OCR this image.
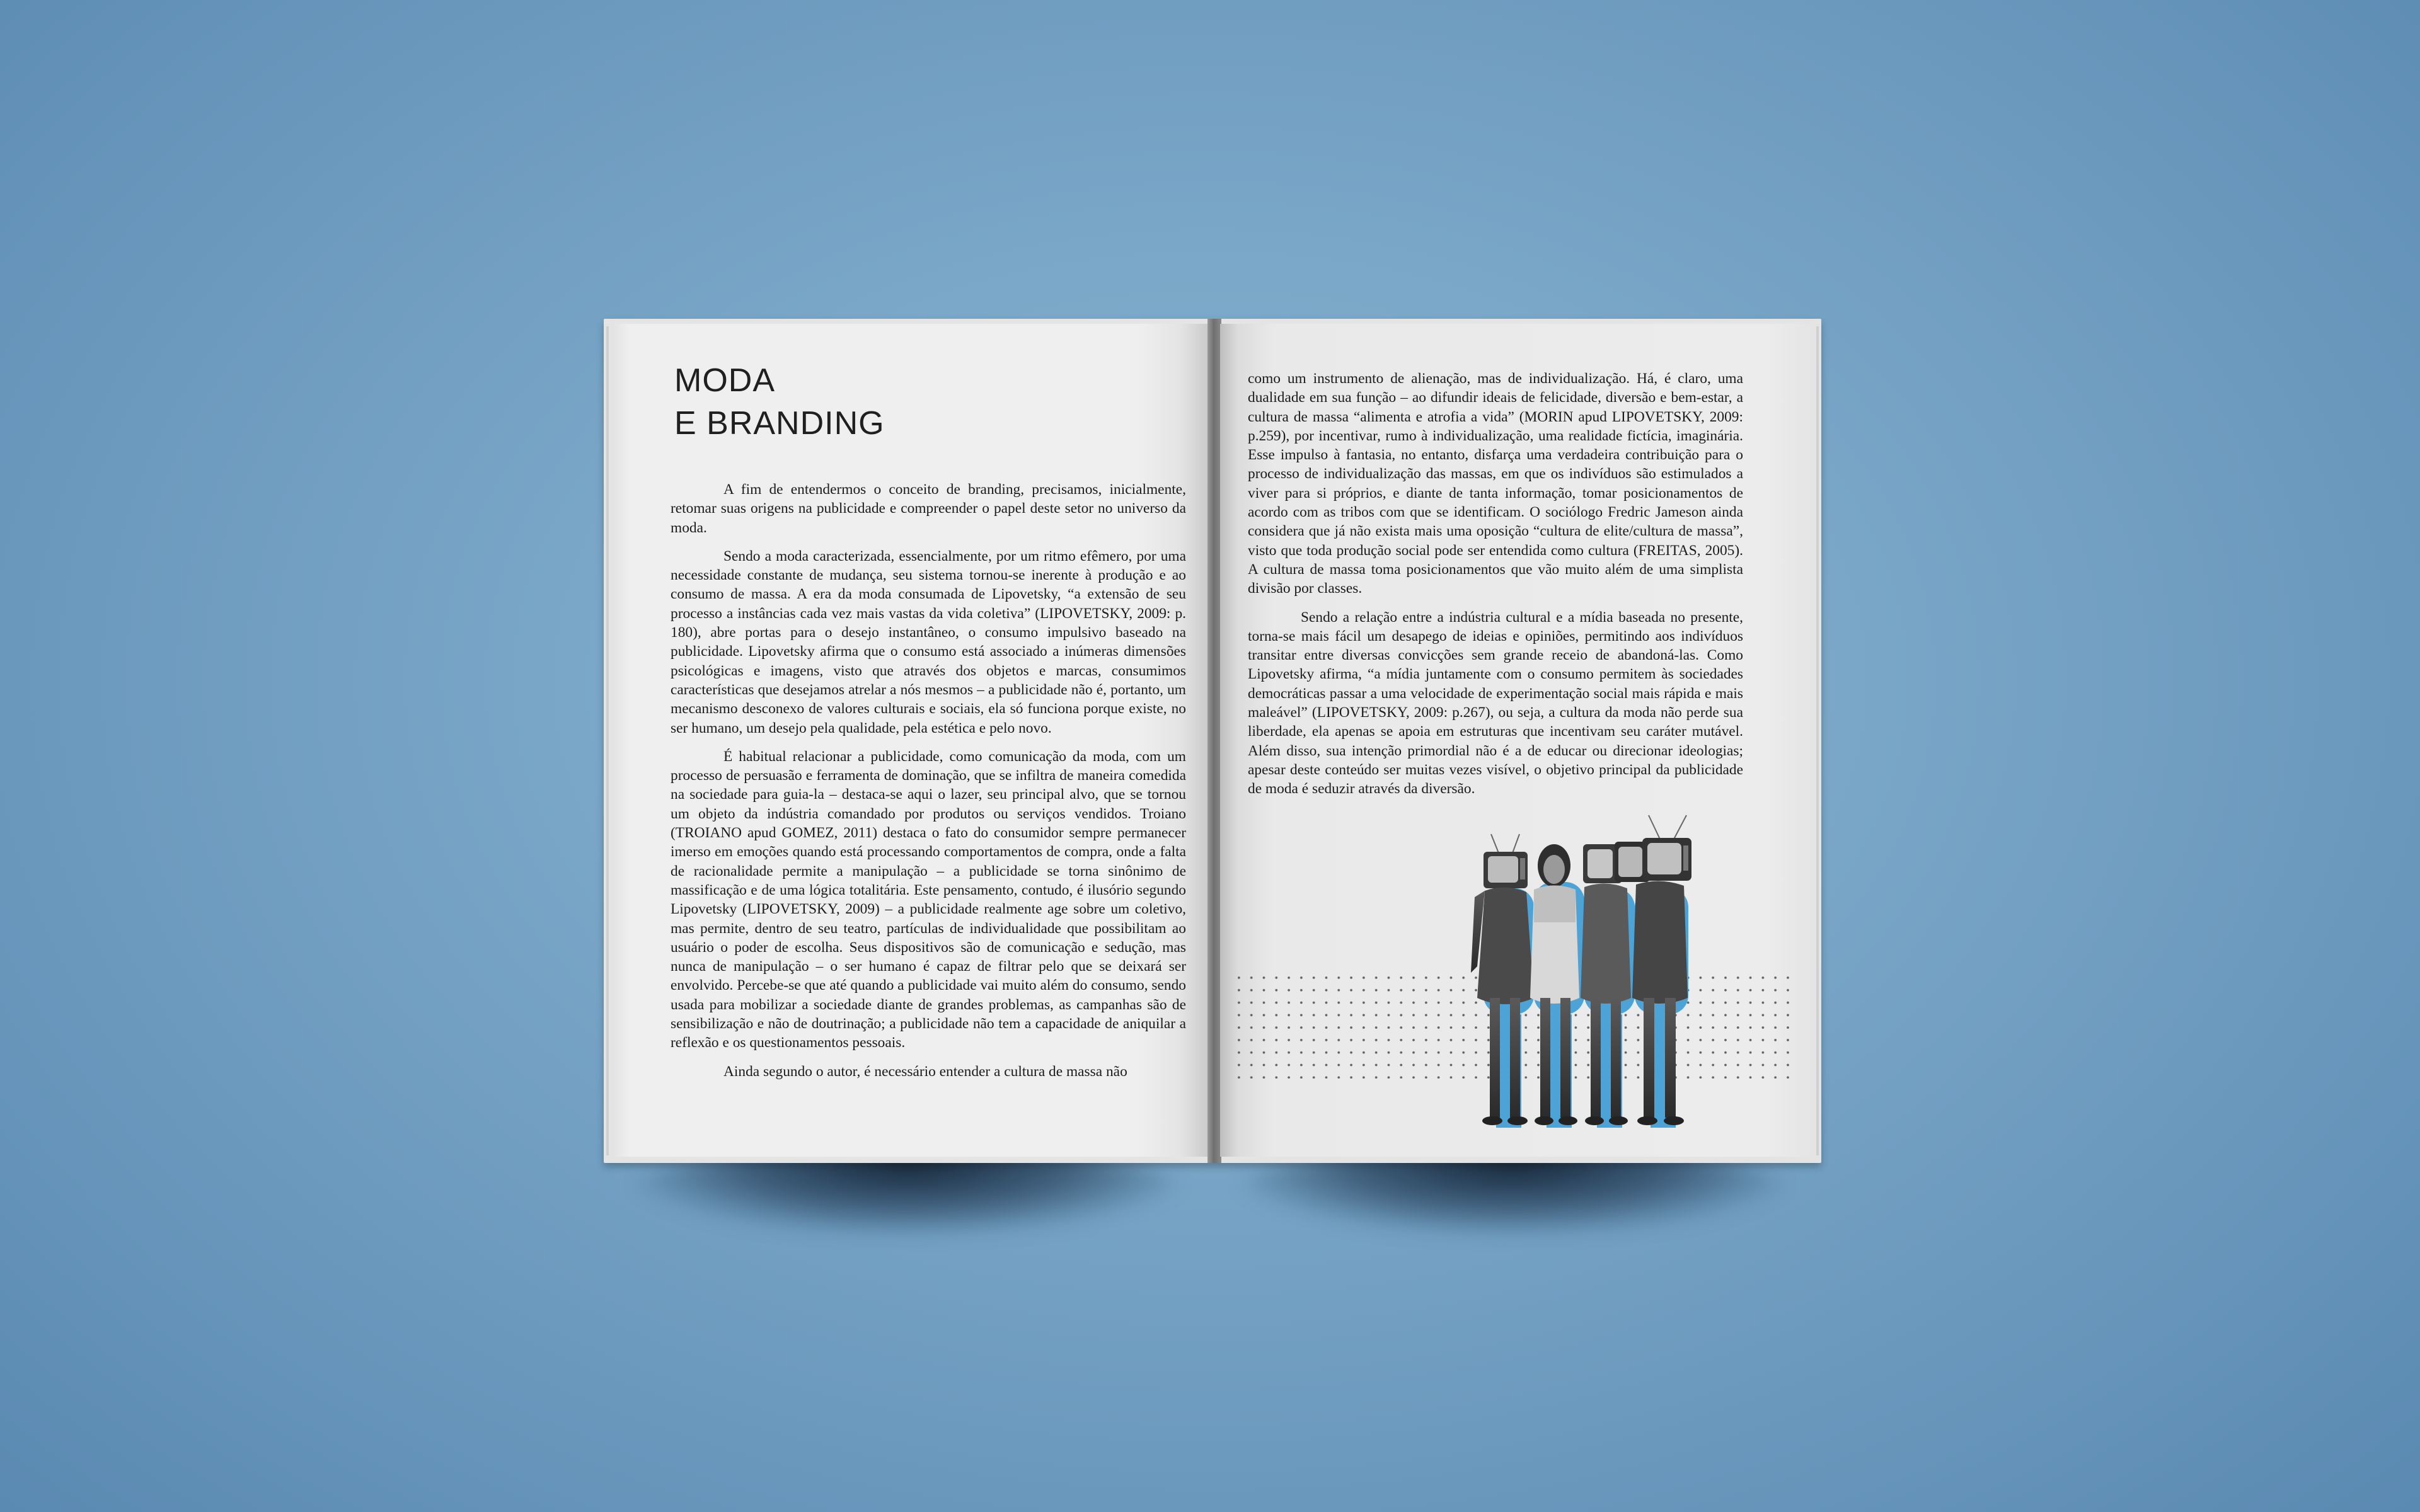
MODA
E BRANDING

A fim de entendermos o conceito de branding, precisamos, inicialmente, retomar suas origens na publicidade e compreender o papel deste setor no universo da moda.

Sendo a moda caracterizada, essencialmente, por um ritmo efêmero, por uma necessidade constante de mudança, seu sistema tornou-se inerente à produção e ao consumo de massa. A era da moda consumada de Lipovetsky, “a extensão de seu processo a instâncias cada vez mais vastas da vida coletiva” (LIPOVETSKY, 2009: p. 180), abre portas para o desejo instantâneo, o consumo impulsivo baseado na publicidade. Lipovetsky afirma que o consumo está associado a inúmeras dimensões psicológicas e imagens, visto que através dos objetos e marcas, consumimos características que desejamos atrelar a nós mesmos – a publicidade não é, portanto, um mecanismo desconexo de valores culturais e sociais, ela só funciona porque existe, no ser humano, um desejo pela qualidade, pela estética e pelo novo.

É habitual relacionar a publicidade, como comunicação da moda, com um processo de persuasão e ferramenta de dominação, que se infiltra de maneira comedida na sociedade para guia-la – destaca-se aqui o lazer, seu principal alvo, que se tornou um objeto da indústria comandado por produtos ou serviços vendidos. Troiano (TROIANO apud GOMEZ, 2011) destaca o fato do consumidor sempre permanecer imerso em emoções quando está processando comportamentos de compra, onde a falta de racionalidade permite a manipulação – a publicidade se torna sinônimo de massificação e de uma lógica totalitária. Este pensamento, contudo, é ilusório segundo Lipovetsky (LIPOVETSKY, 2009) – a publicidade realmente age sobre um coletivo, mas permite, dentro de seu teatro, partículas de individualidade que possibilitam ao usuário o poder de escolha. Seus dispositivos são de comunicação e sedução, mas nunca de manipulação – o ser humano é capaz de filtrar pelo que se deixará ser envolvido. Percebe-se que até quando a publicidade vai muito além do consumo, sendo usada para mobilizar a sociedade diante de grandes problemas, as campanhas são de sensibilização e não de doutrinação; a publicidade não tem a capacidade de aniquilar a reflexão e os questionamentos pessoais.

Ainda segundo o autor, é necessário entender a cultura de massa não

como um instrumento de alienação, mas de individualização. Há, é claro, uma dualidade em sua função – ao difundir ideais de felicidade, diversão e bem-estar, a cultura de massa “alimenta e atrofia a vida” (MORIN apud LIPOVETSKY, 2009: p.259), por incentivar, rumo à individualização, uma realidade fictícia, imaginária. Esse impulso à fantasia, no entanto, disfarça uma verdadeira contribuição para o processo de individualização das massas, em que os indivíduos são estimulados a viver para si próprios, e diante de tanta informação, tomar posicionamentos de acordo com as tribos com que se identificam. O sociólogo Fredric Jameson ainda considera que já não exista mais uma oposição “cultura de elite/cultura de massa”, visto que toda produção social pode ser entendida como cultura (FREITAS, 2005). A cultura de massa toma posicionamentos que vão muito além de uma simplista divisão por classes.

Sendo a relação entre a indústria cultural e a mídia baseada no presente, torna-se mais fácil um desapego de ideias e opiniões, permitindo aos indivíduos transitar entre diversas convicções sem grande receio de abandoná-las. Como Lipovetsky afirma, “a mídia juntamente com o consumo permitem às sociedades democráticas passar a uma velocidade de experimentação social mais rápida e mais maleável” (LIPOVETSKY, 2009: p.267), ou seja, a cultura da moda não perde sua liberdade, ela apenas se apoia em estruturas que incentivam seu caráter mutável. Além disso, sua intenção primordial não é a de educar ou direcionar ideologias; apesar deste conteúdo ser muitas vezes visível, o objetivo principal da publicidade de moda é seduzir através da diversão.
